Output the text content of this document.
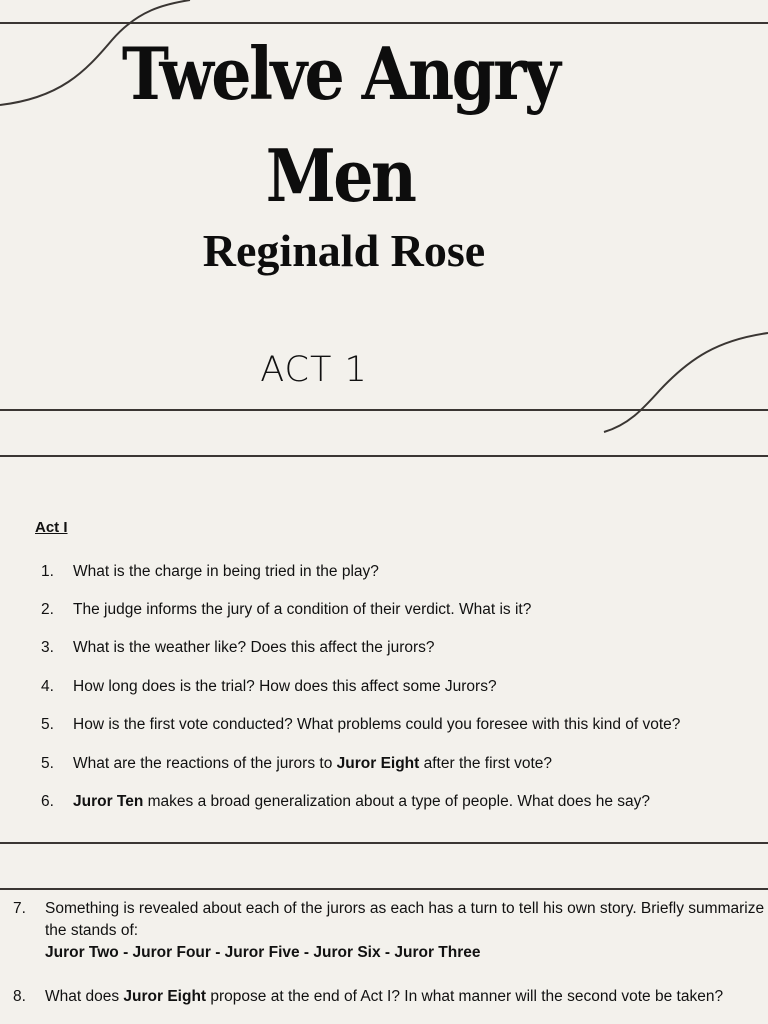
Twelve Angry
Men
Reginald Rose
ACT 1
Act I
1. What is the charge in being tried in the play?
2. The judge informs the jury of a condition of their verdict. What is it?
3. What is the weather like? Does this affect the jurors?
4. How long does is the trial? How does this affect some Jurors?
5. How is the first vote conducted? What problems could you foresee with this kind of vote?
5. What are the reactions of the jurors to Juror Eight after the first vote?
6. Juror Ten makes a broad generalization about a type of people. What does he say?
7. Something is revealed about each of the jurors as each has a turn to tell his own story. Briefly summarize the stands of:
Juror Two - Juror Four - Juror Five - Juror Six - Juror Three
8. What does Juror Eight propose at the end of Act I? In what manner will the second vote be taken?
